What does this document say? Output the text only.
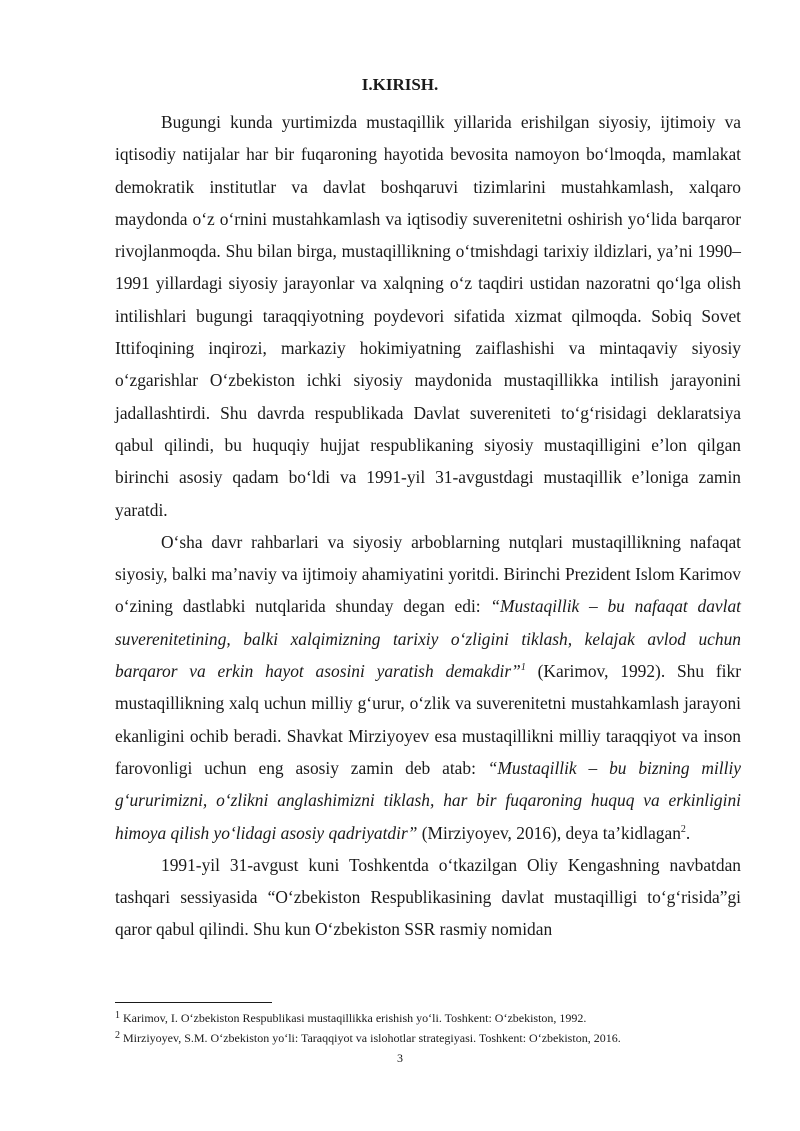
I.KIRISH.

Bugungi kunda yurtimizda mustaqillik yillarida erishilgan siyosiy, ijtimoiy va iqtisodiy natijalar har bir fuqaroning hayotida bevosita namoyon bo‘lmoqda, mamlakat demokratik institutlar va davlat boshqaruvi tizimlarini mustahkamlash, xalqaro maydonda o‘z o‘rnini mustahkamlash va iqtisodiy suverenitetni oshirish yo‘lida barqaror rivojlanmoqda. Shu bilan birga, mustaqillikning o‘tmishdagi tarixiy ildizlari, ya’ni 1990–1991 yillardagi siyosiy jarayonlar va xalqning o‘z taqdiri ustidan nazoratni qo‘lga olish intilishlari bugungi taraqqiyotning poydevori sifatida xizmat qilmoqda. Sobiq Sovet Ittifoqining inqirozi, markaziy hokimiyatning zaiflashishi va mintaqaviy siyosiy o‘zgarishlar O‘zbekiston ichki siyosiy maydonida mustaqillikka intilish jarayonini jadallashtirdi. Shu davrda respublikada Davlat suvereniteti to‘g‘risidagi deklaratsiya qabul qilindi, bu huquqiy hujjat respublikaning siyosiy mustaqilligini e’lon qilgan birinchi asosiy qadam bo‘ldi va 1991-yil 31-avgustdagi mustaqillik e’loniga zamin yaratdi.

O‘sha davr rahbarlari va siyosiy arboblarning nutqlari mustaqillikning nafaqat siyosiy, balki ma’naviy va ijtimoiy ahamiyatini yoritdi. Birinchi Prezident Islom Karimov o‘zining dastlabki nutqlarida shunday degan edi: “Mustaqillik – bu nafaqat davlat suverenitetining, balki xalqimizning tarixiy o‘zligini tiklash, kelajak avlod uchun barqaror va erkin hayot asosini yaratish demakdir”$^1$ (Karimov, 1992). Shu fikr mustaqillikning xalq uchun milliy g‘urur, o‘zlik va suverenitetni mustahkamlash jarayoni ekanligini ochib beradi. Shavkat Mirziyoyev esa mustaqillikni milliy taraqqiyot va inson farovonligi uchun eng asosiy zamin deb atab: “Mustaqillik – bu bizning milliy g‘ururimizni, o‘zlikni anglashimizni tiklash, har bir fuqaroning huquq va erkinligini himoya qilish yo‘lidagi asosiy qadriyatdir” (Mirziyoyev, 2016), deya ta’kidlagan$^2$.

1991-yil 31-avgust kuni Toshkentda o‘tkazilgan Oliy Kengashning navbatdan tashqari sessiyasida “O‘zbekiston Respublikasining davlat mustaqilligi to‘g‘risida”gi qaror qabul qilindi. Shu kun O‘zbekiston SSR rasmiy nomidan

$^1$ Karimov, I. O‘zbekiston Respublikasi mustaqillikka erishish yo‘li. Toshkent: O‘zbekiston, 1992.
$^2$ Mirziyoyev, S.M. O‘zbekiston yo‘li: Taraqqiyot va islohotlar strategiyasi. Toshkent: O‘zbekiston, 2016.
3
